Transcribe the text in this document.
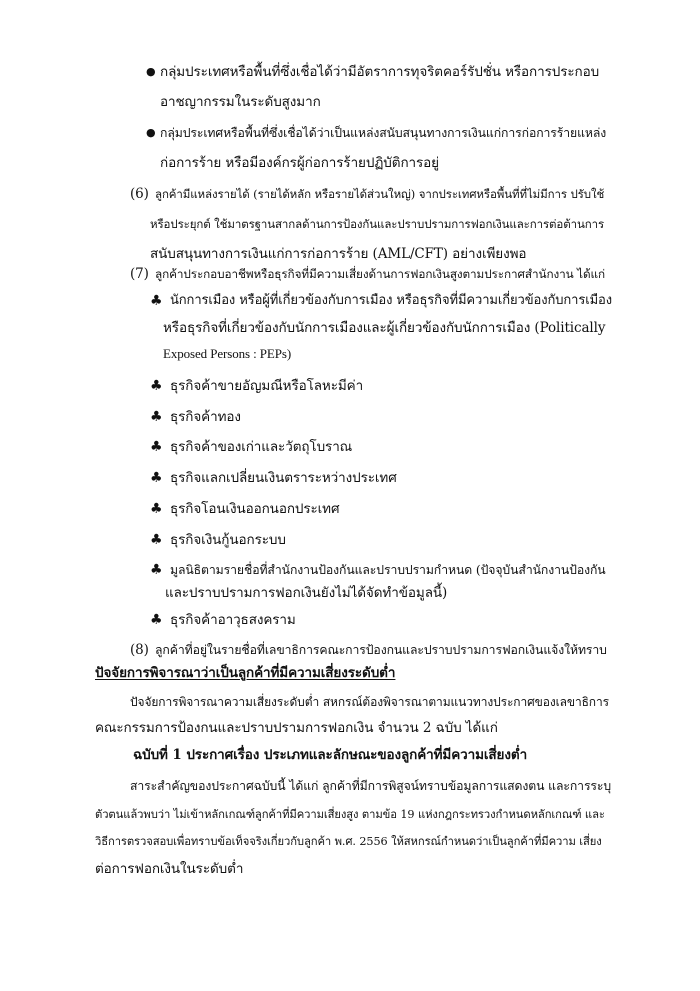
● กลุ่มประเทศหรือพื้นที่ซึ่งเชื่อได้ว่ามีอัตราการทุจริตคอร์รัปชั่น หรือการประกอบ
อาชญากรรมในระดับสูงมาก
● กลุ่มประเทศหรือพื้นที่ซึ่งเชื่อได้ว่าเป็นแหล่งสนับสนุนทางการเงินแก่การก่อการร้ายแหล่ง
ก่อการร้าย หรือมีองค์กรผู้ก่อการร้ายปฏิบัติการอยู่
(6) ลูกค้ามีแหล่งรายได้ (รายได้หลัก หรือรายได้ส่วนใหญ่) จากประเทศหรือพื้นที่ที่ไม่มีการ ปรับใช้
หรือประยุกต์ ใช้มาตรฐานสากลด้านการป้องกันและปราบปรามการฟอกเงินและการต่อต้านการ
สนับสนุนทางการเงินแก่การก่อการร้าย (AML/CFT) อย่างเพียงพอ
(7) ลูกค้าประกอบอาชีพหรือธุรกิจที่มีความเสี่ยงด้านการฟอกเงินสูงตามประกาศสำนักงาน ได้แก่
♣ นักการเมือง หรือผู้ที่เกี่ยวข้องกับการเมือง หรือธุรกิจที่มีความเกี่ยวข้องกับการเมือง
หรือธุรกิจที่เกี่ยวข้องกับนักการเมืองและผู้เกี่ยวข้องกับนักการเมือง (Politically
Exposed Persons : PEPs)
♣ ธุรกิจค้าขายอัญมณีหรือโลหะมีค่า
♣ ธุรกิจค้าทอง
♣ ธุรกิจค้าของเก่าและวัตถุโบราณ
♣ ธุรกิจแลกเปลี่ยนเงินตราระหว่างประเทศ
♣ ธุรกิจโอนเงินออกนอกประเทศ
♣ ธุรกิจเงินกู้นอกระบบ
♣ มูลนิธิตามรายชื่อที่สำนักงานป้องกันและปราบปรามกำหนด (ปัจจุบันสำนักงานป้องกัน
และปราบปรามการฟอกเงินยังไม่ได้จัดทำข้อมูลนี้)
♣ ธุรกิจค้าอาวุธสงคราม
(8) ลูกค้าที่อยู่ในรายชื่อที่เลขาธิการคณะการป้องกนและปราบปรามการฟอกเงินแจ้งให้ทราบ
ปัจจัยการพิจารณาว่าเป็นลูกค้าที่มีความเสี่ยงระดับต่ำ
ปัจจัยการพิจารณาความเสี่ยงระดับต่ำ สหกรณ์ต้องพิจารณาตามแนวทางประกาศของเลขาธิการ
คณะกรรมการป้องกนและปราบปรามการฟอกเงิน จำนวน 2 ฉบับ ได้แก่
ฉบับที่ 1 ประกาศเรื่อง ประเภทและลักษณะของลูกค้าที่มีความเสี่ยงต่ำ
สาระสำคัญของประกาศฉบับนี้ ได้แก่ ลูกค้าที่มีการพิสูจน์ทราบข้อมูลการแสดงตน และการระบุ
ตัวตนแล้วพบว่า ไม่เข้าหลักเกณฑ์ลูกค้าที่มีความเสี่ยงสูง ตามข้อ 19 แห่งกฎกระทรวงกำหนดหลักเกณฑ์ และ
วิธีการตรวจสอบเพื่อทราบข้อเท็จจริงเกี่ยวกับลูกค้า พ.ศ. 2556 ให้สหกรณ์กำหนดว่าเป็นลูกค้าที่มีความ เสี่ยง
ต่อการฟอกเงินในระดับต่ำ
